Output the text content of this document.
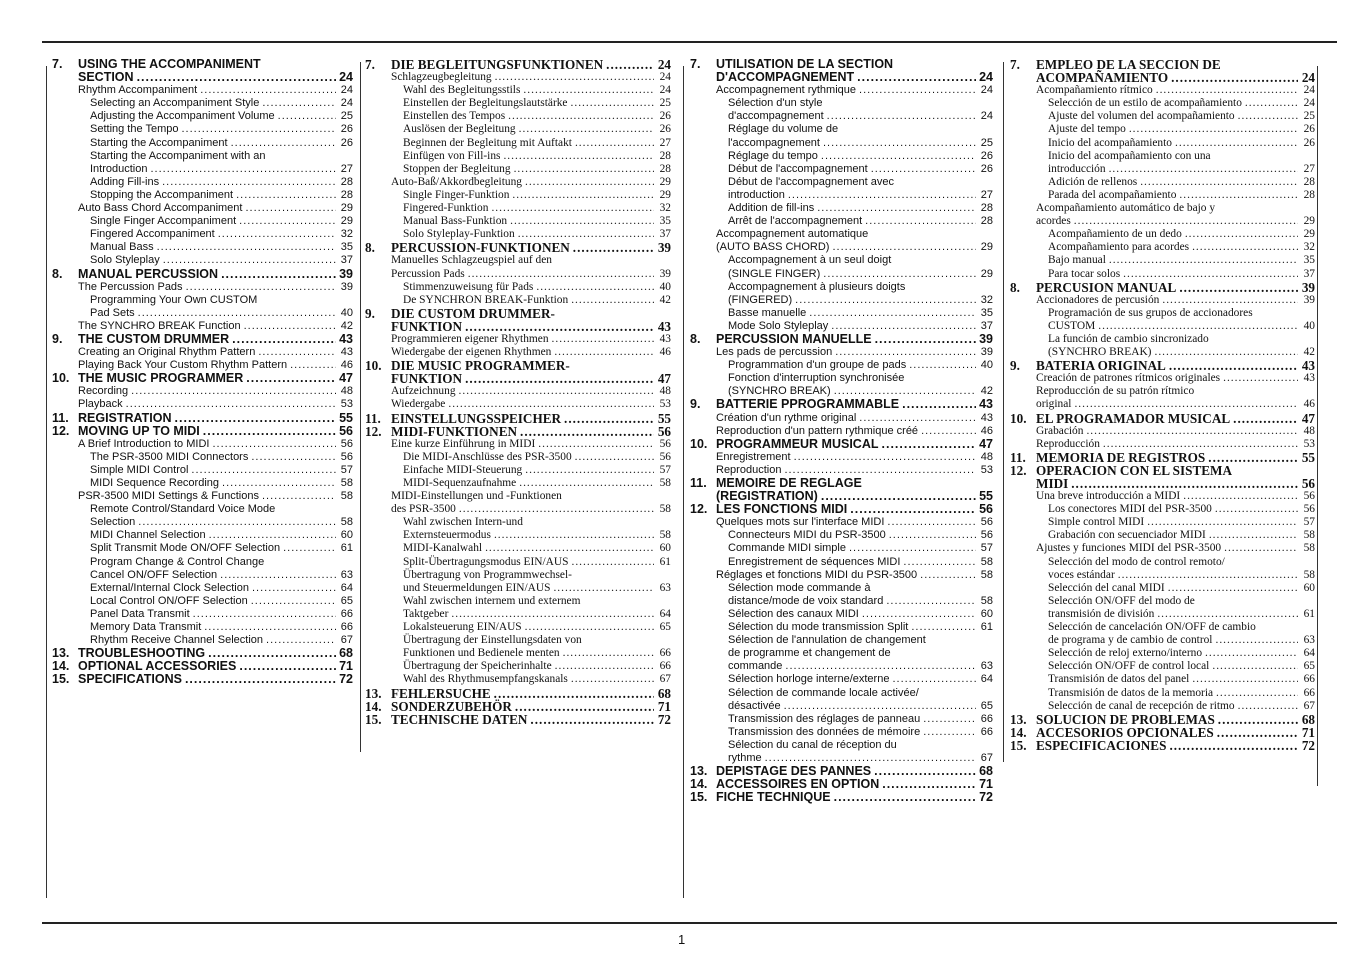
7.	USING THE ACCOMPANIMENT
SECTION .....	24
Rhythm Accompaniment .....	24
Selecting an Accompaniment Style .....	24
Adjusting the Accompaniment Volume .....	25
Setting the Tempo .....	26
Starting the Accompaniment .....	26
Starting the Accompaniment with an
Introduction .....	27
Adding Fill-ins .....	28
Stopping the Accompaniment .....	28
Auto Bass Chord Accompaniment .....	29
Single Finger Accompaniment .....	29
Fingered Accompaniment .....	32
Manual Bass .....	35
Solo Styleplay .....	37
8.	MANUAL PERCUSSION .....	39
The Percussion Pads .....	39
Programming Your Own CUSTOM
Pad Sets .....	40
The SYNCHRO BREAK Function .....	42
9.	THE CUSTOM DRUMMER .....	43
Creating an Original Rhythm Pattern .....	43
Playing Back Your Custom Rhythm Pattern .....	46
10. THE MUSIC PROGRAMMER .....	47
Recording .....	48
Playback .....	53
11. REGISTRATION .....	55
12. MOVING UP TO MIDI .....	56
A Brief Introduction to MIDI .....	56
The PSR-3500 MIDI Connectors .....	56
Simple MIDI Control .....	57
MIDI Sequence Recording .....	58
PSR-3500 MIDI Settings & Functions .....	58
Remote Control/Standard Voice Mode
Selection .....	58
MIDI Channel Selection .....	60
Split Transmit Mode ON/OFF Selection .....	61
Program Change & Control Change
Cancel ON/OFF Selection .....	63
External/Internal Clock Selection .....	64
Local Control ON/OFF Selection .....	65
Panel Data Transmit .....	66
Memory Data Transmit .....	66
Rhythm Receive Channel Selection .....	67
13. TROUBLESHOOTING .....	68
14. OPTIONAL ACCESSORIES .....	71
15. SPECIFICATIONS .....	72
7.	DIE BEGLEITUNGSFUNKTIONEN .....	24
Schlagzeugbegleitung .....	24
Wahl des Begleitungsstils .....	24
Einstellen der Begleitungslautstärke .....	25
Einstellen des Tempos .....	26
Auslösen der Begleitung .....	26
Beginnen der Begleitung mit Auftakt .....	27
Einfügen von Fill-ins .....	28
Stoppen der Begleitung .....	28
Auto-Baß/Akkordbegleitung .....	29
Single Finger-Funktion .....	29
Fingered-Funktion .....	32
Manual Bass-Funktion .....	35
Solo Styleplay-Funktion .....	37
8.	PERCUSSION-FUNKTIONEN .....	39
Manuelles Schlagzeugspiel auf den
Percussion Pads .....	39
Stimmenzuweisung für Pads .....	40
De SYNCHRON BREAK-Funktion .....	42
9.	DIE CUSTOM DRUMMER-
FUNKTION .....	43
Programmieren eigener Rhythmen .....	43
Wiedergabe der eigenen Rhythmen .....	46
10. DIE MUSIC PROGRAMMER-
FUNKTION .....	47
Aufzeichnung .....	48
Wiedergabe .....	53
11. EINSTELLUNGSSPEICHER .....	55
12. MIDI-FUNKTIONEN .....	56
Eine kurze Einführung in MIDI .....	56
Die MIDI-Anschlüsse des PSR-3500 .....	56
Einfache MIDI-Steuerung .....	57
MIDI-Sequenzaufnahme .....	58
MIDI-Einstellungen und -Funktionen
des PSR-3500 .....	58
Wahl zwischen Intern-und
Externsteuermodus .....	58
MIDI-Kanalwahl .....	60
Split-Übertragungsmodus EIN/AUS .....	61
Übertragung von Programmwechsel-
und Steuermeldungen EIN/AUS .....	63
Wahl zwischen internem und externem
Taktgeber .....	64
Lokalsteuerung EIN/AUS .....	65
Übertragung der Einstellungsdaten von
Funktionen und Bedienele menten .....	66
Übertragung der Speicherinhalte .....	66
Wahl des Rhythmusempfangskanals .....	67
13. FEHLERSUCHE .....	68
14. SONDERZUBEHÖR .....	71
15. TECHNISCHE DATEN .....	72
7.	UTILISATION DE LA SECTION
D'ACCOMPAGNEMENT .....	24
Accompagnement rythmique .....	24
Sélection d'un style
d'accompagnement .....	24
Réglage du volume de
l'accompagnement .....	25
Réglage du tempo .....	26
Début de l'accompagnement .....	26
Début de l'accompagnement avec
introduction .....	27
Addition de fill-ins .....	28
Arrêt de l'accompagnement .....	28
Accompagnement automatique
(AUTO BASS CHORD) .....	29
Accompagnement à un seul doigt
(SINGLE FINGER) .....	29
Accompagnement à plusieurs doigts
(FINGERED) .....	32
Basse manuelle .....	35
Mode Solo Styleplay .....	37
8.	PERCUSSION MANUELLE .....	39
Les pads de percussion .....	39
Programmation d'un groupe de pads .....	40
Fonction d'interruption synchronisée
(SYNCHRO BREAK) .....	42
9.	BATTERIE PPROGRAMMABLE .....	43
Création d'un rythme original .....	43
Reproduction d'un pattern rythmique créé .....	46
10. PROGRAMMEUR MUSICAL .....	47
Enregistrement .....	48
Reproduction .....	53
11. MEMOIRE DE REGLAGE
(REGISTRATION) .....	55
12. LES FONCTIONS MIDI .....	56
Quelques mots sur l'interface MIDI .....	56
Connecteurs MIDI du PSR-3500 .....	56
Commande MIDI simple .....	57
Enregistrement de séquences MIDI .....	58
Réglages et fonctions MIDI du PSR-3500 .....	58
Sélection mode commande à
distance/mode de voix standard .....	58
Sélection des canaux MIDI .....	60
Sélection du mode transmission Split .....	61
Sélection de l'annulation de changement
de programme et changement de
commande .....	63
Sélection horloge interne/externe .....	64
Sélection de commande locale activée/
désactivée .....	65
Transmission des réglages de panneau .....	66
Transmission des données de mémoire .....	66
Sélection du canal de réception du
rythme .....	67
13. DEPISTAGE DES PANNES .....	68
14. ACCESSOIRES EN OPTION .....	71
15. FICHE TECHNIQUE .....	72
7.	EMPLEO DE LA SECCION DE
ACOMPAÑAMIENTO .....	24
Acompañamiento rítmico .....	24
Selección de un estilo de acompañamiento .....	24
Ajuste del volumen del acompañamiento .....	25
Ajuste del tempo .....	26
Inicio del acompañamiento .....	26
Inicio del acompañamiento con una
introducción .....	27
Adición de rellenos .....	28
Parada del acompañamiento .....	28
Acompañamiento automático de bajo y
acordes .....	29
Acompañamiento de un dedo .....	29
Acompañamiento para acordes .....	32
Bajo manual .....	35
Para tocar solos .....	37
8.	PERCUSION MANUAL .....	39
Accionadores de percusión .....	39
Programación de sus grupos de accionadores
CUSTOM .....	40
La función de cambio sincronizado
(SYNCHRO BREAK) .....	42
9.	BATERIA ORIGINAL .....	43
Creación de patrones rítmicos originales .....	43
Reproducción de su patrón rítmico
original .....	46
10. EL PROGRAMADOR MUSICAL .....	47
Grabación .....	48
Reproducción .....	53
11. MEMORIA DE REGISTROS .....	55
12. OPERACION CON EL SISTEMA
MIDI .....	56
Una breve introducción a MIDI .....	56
Los conectores MIDI del PSR-3500 .....	56
Simple control MIDI .....	57
Grabación con secuenciador MIDI .....	58
Ajustes y funciones MIDI del PSR-3500 .....	58
Selección del modo de control remoto/
voces estándar .....	58
Selección del canal MIDI .....	60
Selección ON/OFF del modo de
transmisión de división .....	61
Selección de cancelación ON/OFF de cambio
de programa y de cambio de control .....	63
Selección de reloj externo/interno .....	64
Selección ON/OFF de control local .....	65
Transmisión de datos del panel .....	66
Transmisión de datos de la memoria .....	66
Selección de canal de recepción de ritmo .....	67
13. SOLUCION DE PROBLEMAS .....	68
14. ACCESORIOS OPCIONALES .....	71
15. ESPECIFICACIONES .....	72
1
